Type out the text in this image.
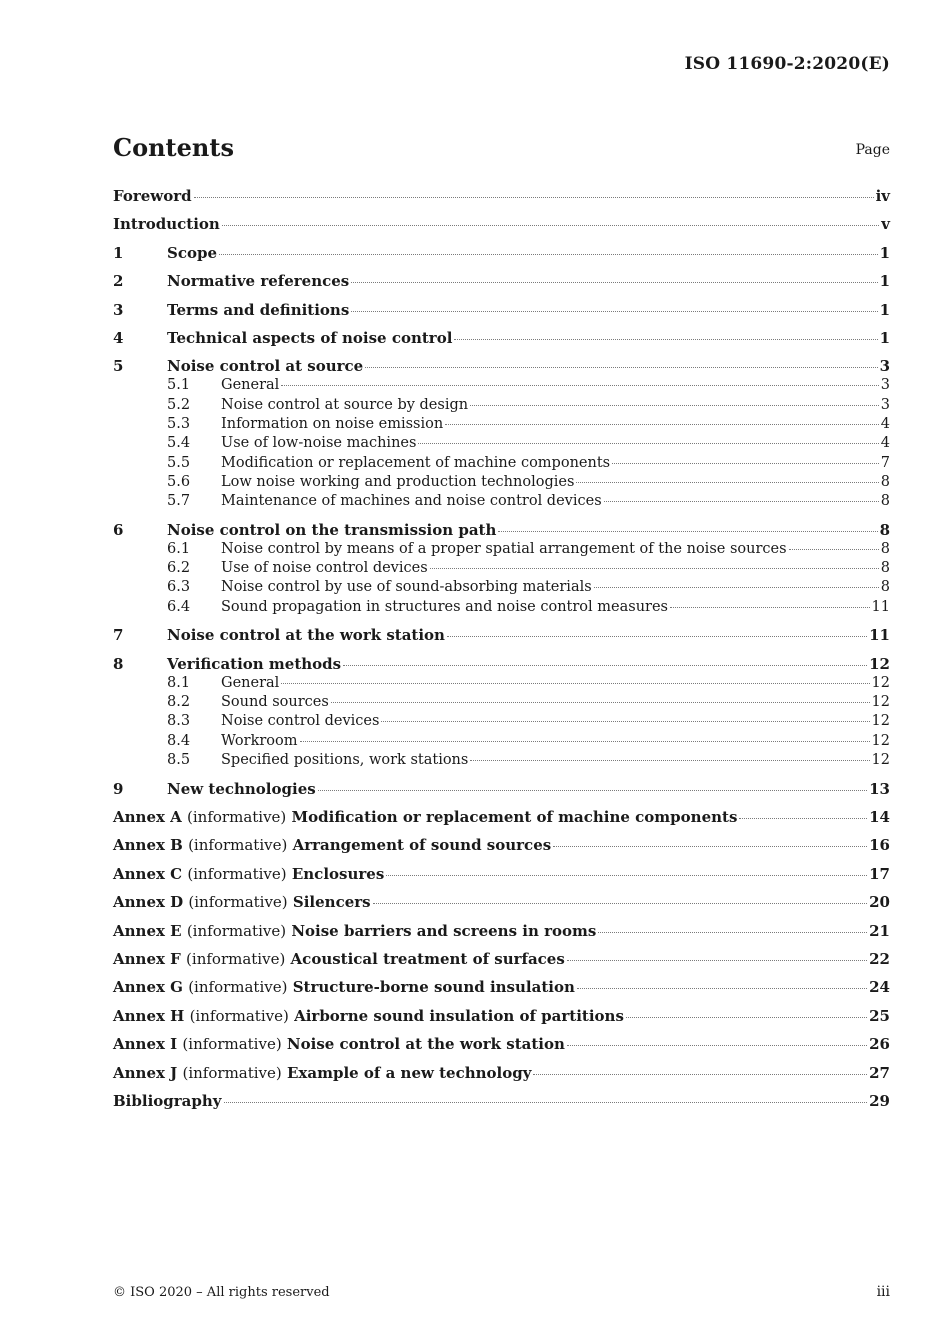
ISO 11690-2:2020(E)
Contents	Page
Foreword	iv
Introduction	v
1	Scope	1
2	Normative references	1
3	Terms and definitions	1
4	Technical aspects of noise control	1
5	Noise control at source	3
5.1	General	3
5.2	Noise control at source by design	3
5.3	Information on noise emission	4
5.4	Use of low-noise machines	4
5.5	Modification or replacement of machine components	7
5.6	Low noise working and production technologies	8
5.7	Maintenance of machines and noise control devices	8
6	Noise control on the transmission path	8
6.1	Noise control by means of a proper spatial arrangement of the noise sources	8
6.2	Use of noise control devices	8
6.3	Noise control by use of sound-absorbing materials	8
6.4	Sound propagation in structures and noise control measures	11
7	Noise control at the work station	11
8	Verification methods	12
8.1	General	12
8.2	Sound sources	12
8.3	Noise control devices	12
8.4	Workroom	12
8.5	Specified positions, work stations	12
9	New technologies	13
Annex A (informative) Modification or replacement of machine components	14
Annex B (informative) Arrangement of sound sources	16
Annex C (informative) Enclosures	17
Annex D (informative) Silencers	20
Annex E (informative) Noise barriers and screens in rooms	21
Annex F (informative) Acoustical treatment of surfaces	22
Annex G (informative) Structure-borne sound insulation	24
Annex H (informative) Airborne sound insulation of partitions	25
Annex I (informative) Noise control at the work station	26
Annex J (informative) Example of a new technology	27
Bibliography	29
© ISO 2020 – All rights reserved	iii
